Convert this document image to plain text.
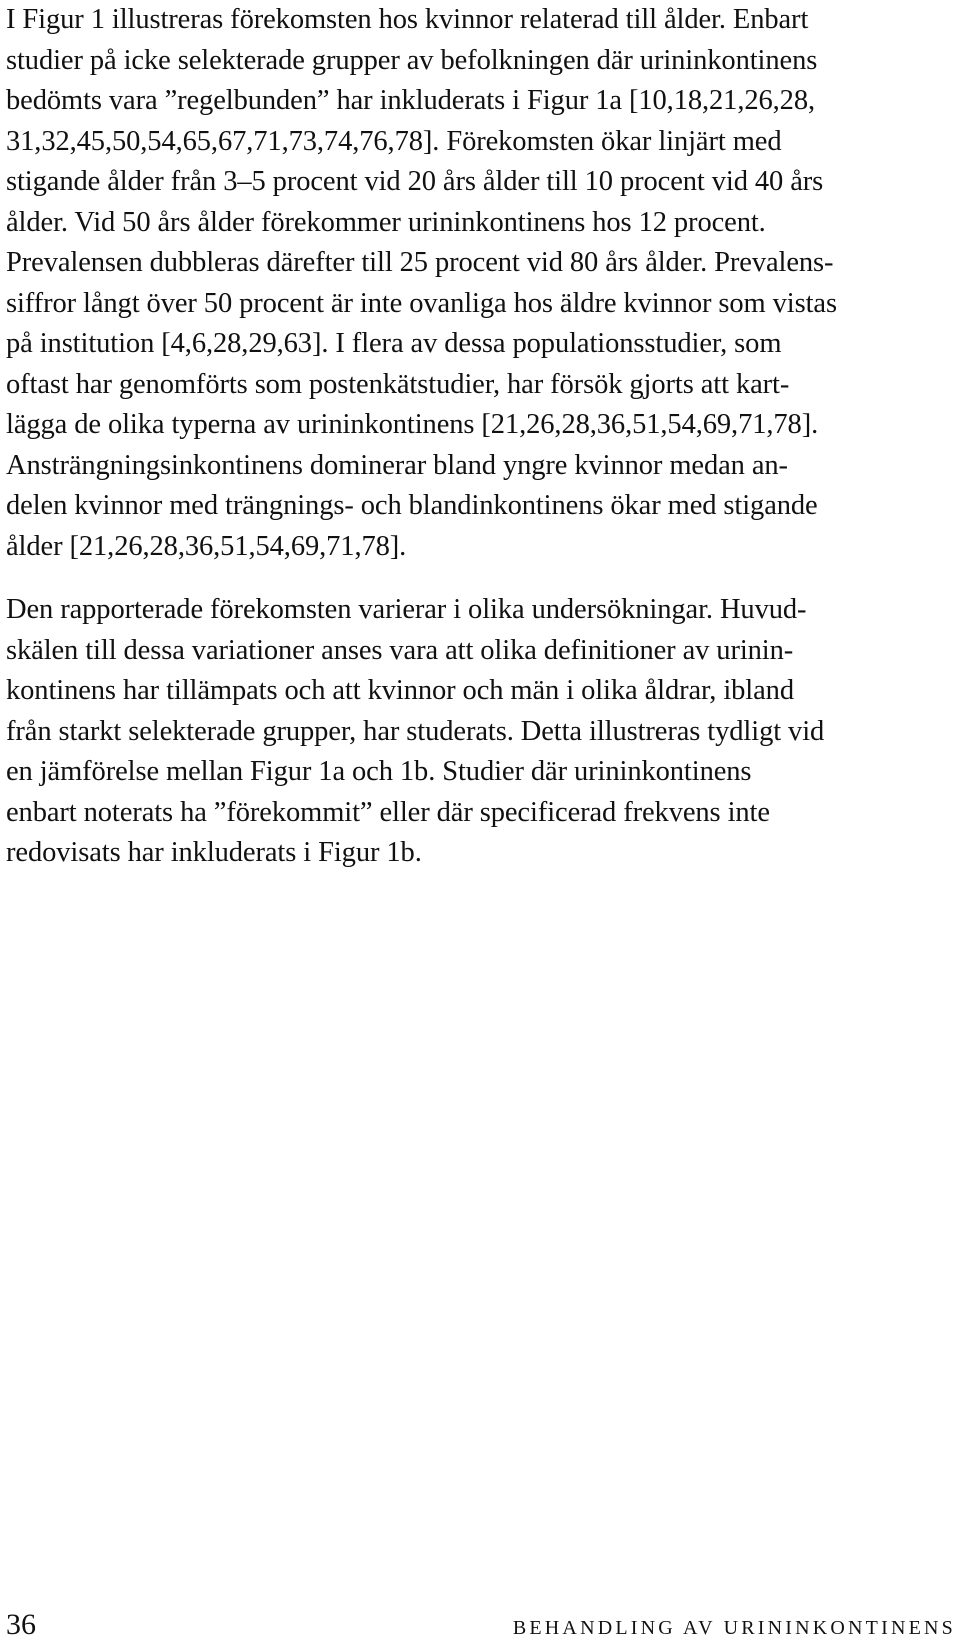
I Figur 1 illustreras förekomsten hos kvinnor relaterad till ålder. Enbart
studier på icke selekterade grupper av befolkningen där urininkontinens
bedömts vara ”regelbunden” har inkluderats i Figur 1a [10,18,21,26,28,
31,32,45,50,54,65,67,71,73,74,76,78]. Förekomsten ökar linjärt med
stigande ålder från 3–5 procent vid 20 års ålder till 10 procent vid 40 års
ålder. Vid 50 års ålder förekommer urininkontinens hos 12 procent.
Prevalensen dubbleras därefter till 25 procent vid 80 års ålder. Prevalens-
siffror långt över 50 procent är inte ovanliga hos äldre kvinnor som vistas
på institution [4,6,28,29,63]. I flera av dessa populationsstudier, som
oftast har genomförts som postenkätstudier, har försök gjorts att kart-
lägga de olika typerna av urininkontinens [21,26,28,36,51,54,69,71,78].
Ansträngningsinkontinens dominerar bland yngre kvinnor medan an-
delen kvinnor med trängnings- och blandinkontinens ökar med stigande
ålder [21,26,28,36,51,54,69,71,78].

Den rapporterade förekomsten varierar i olika undersökningar. Huvud-
skälen till dessa variationer anses vara att olika definitioner av urinin-
kontinens har tillämpats och att kvinnor och män i olika åldrar, ibland
från starkt selekterade grupper, har studerats. Detta illustreras tydligt vid
en jämförelse mellan Figur 1a och 1b. Studier där urininkontinens
enbart noterats ha ”förekommit” eller där specificerad frekvens inte
redovisats har inkluderats i Figur 1b.

36	BEHANDLING AV URININKONTINENS
